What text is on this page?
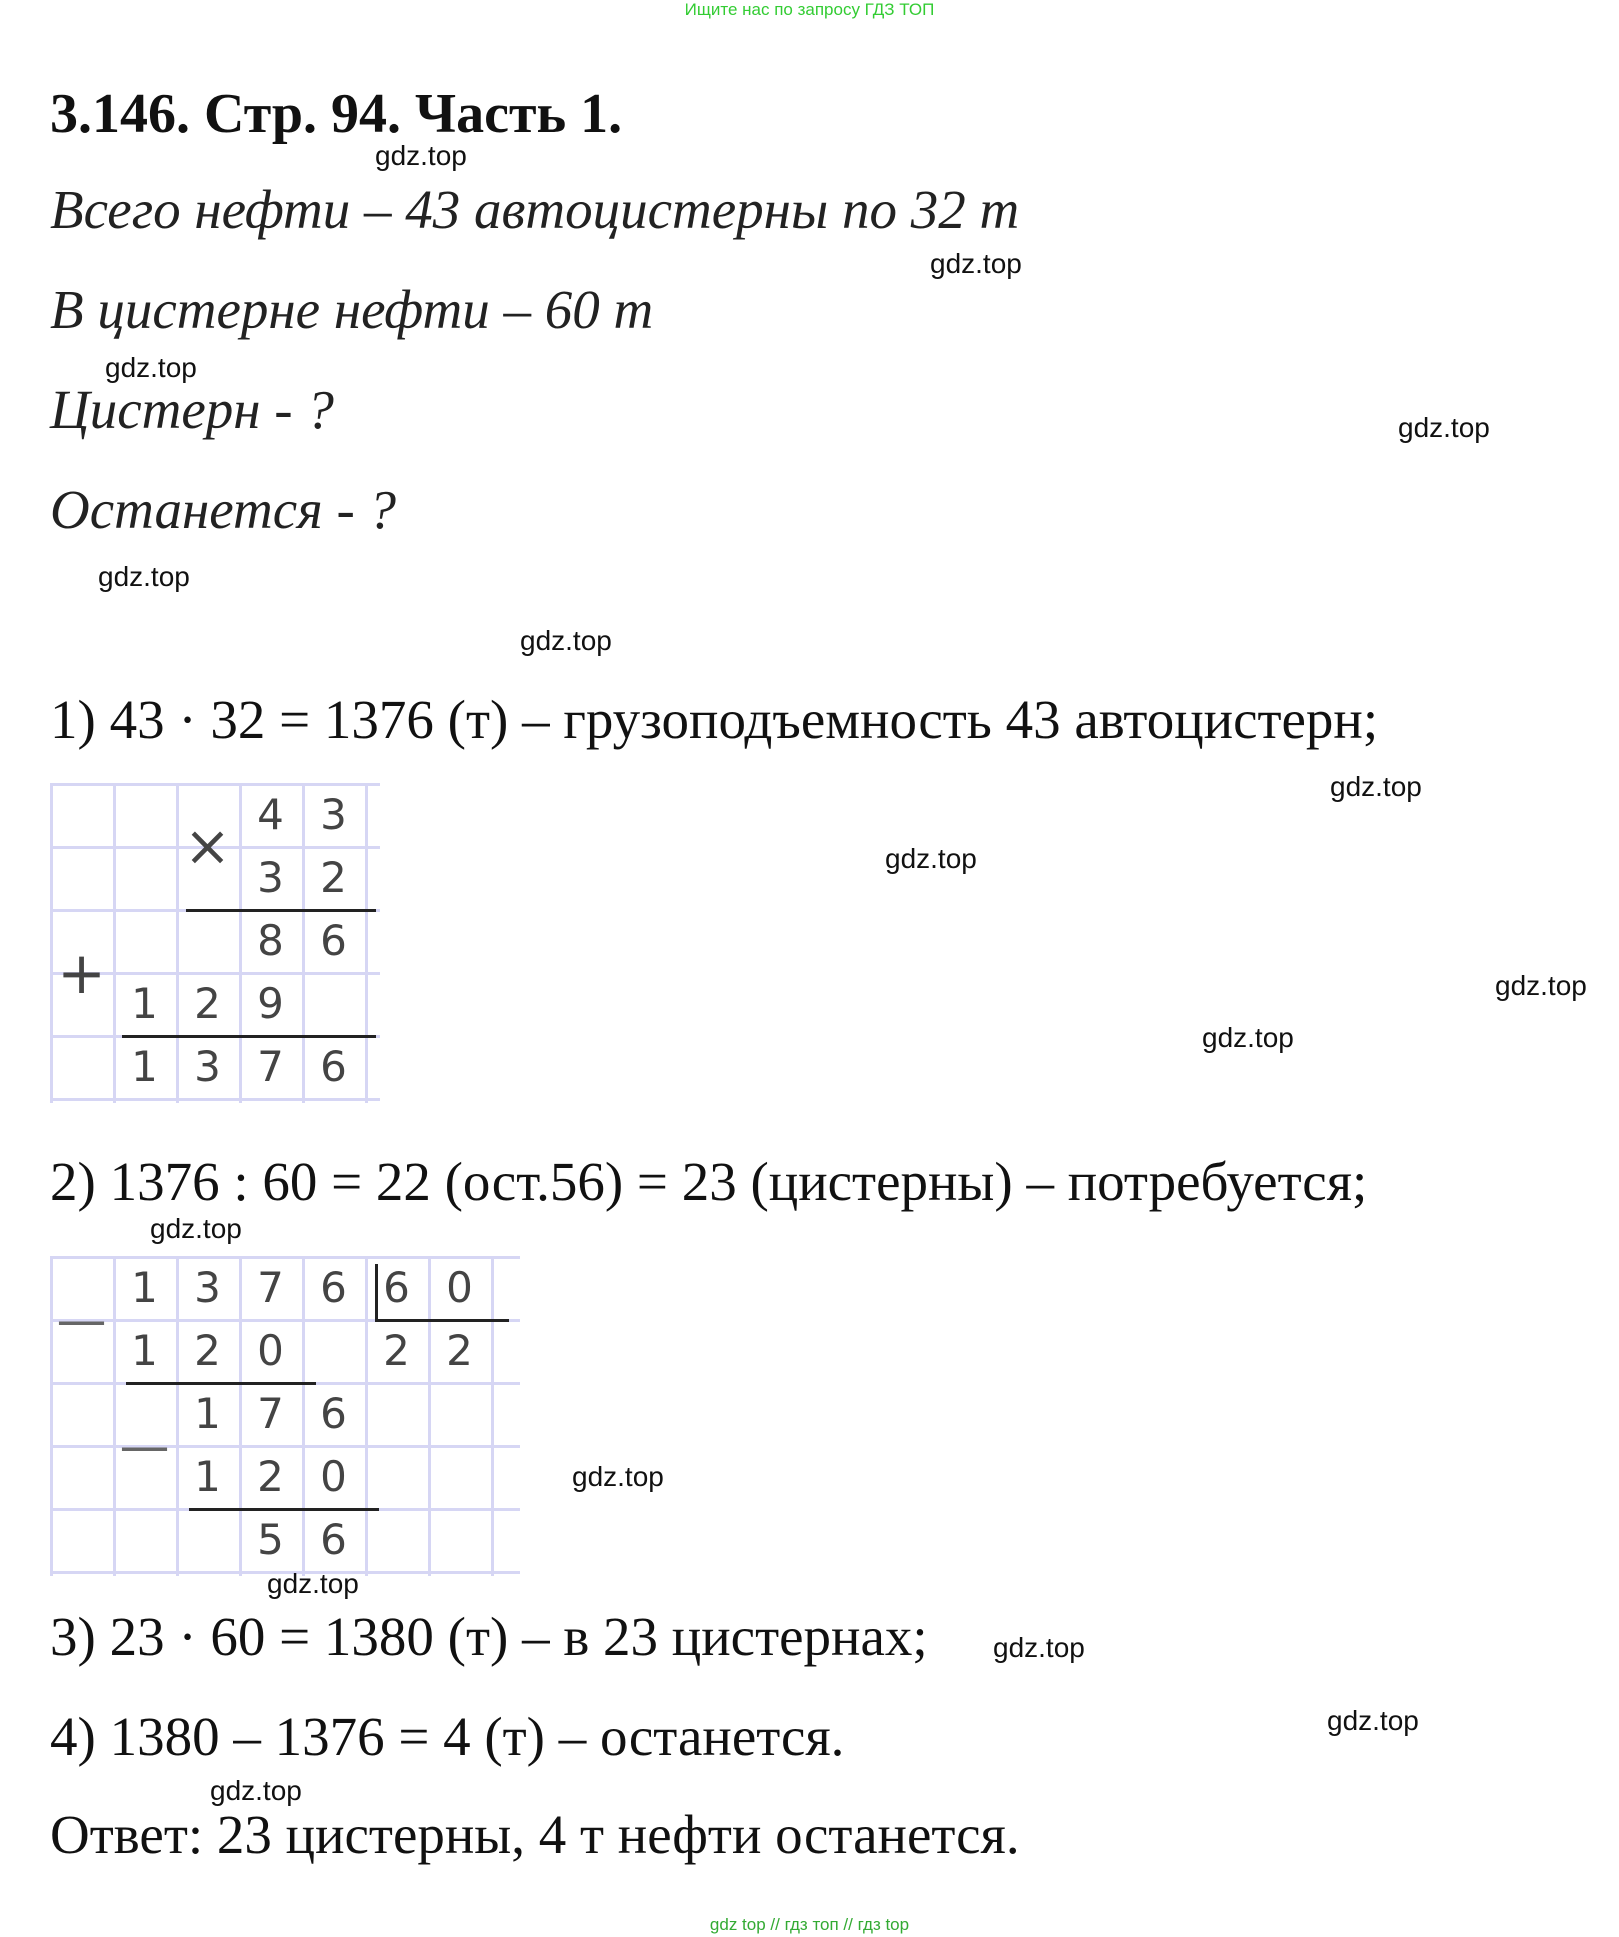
Ищите нас по запросу ГДЗ ТОП
3.146. Стр. 94. Часть 1.
Всего нефти – 43 автоцистерны по 32 т
В цистерне нефти – 60 т
Цистерн - ?
Останется - ?
1) 43 · 32 = 1376 (т) – грузоподъемность 43 автоцистерн;
× 4 3
3 2
8 6
+ 1 2 9
1 3 7 6
2) 1376 : 60 = 22 (ост.56) = 23 (цистерны) – потребуется;
—
1 3 7 6 6 0
1 2 0	2 2
—
1 7 6
1 2 0
5 6
3) 23 · 60 = 1380 (т) – в 23 цистернах;
4) 1380 – 1376 = 4 (т) – останется.
Ответ: 23 цистерны, 4 т нефти останется.
gdz.top
gdz.top
gdz.top
gdz.top
gdz.top
gdz.top
gdz.top
gdz.top
gdz.top
gdz.top
gdz.top
gdz.top
gdz.top
gdz.top
gdz.top
gdz.top
gdz top // гдз топ // гдз top
